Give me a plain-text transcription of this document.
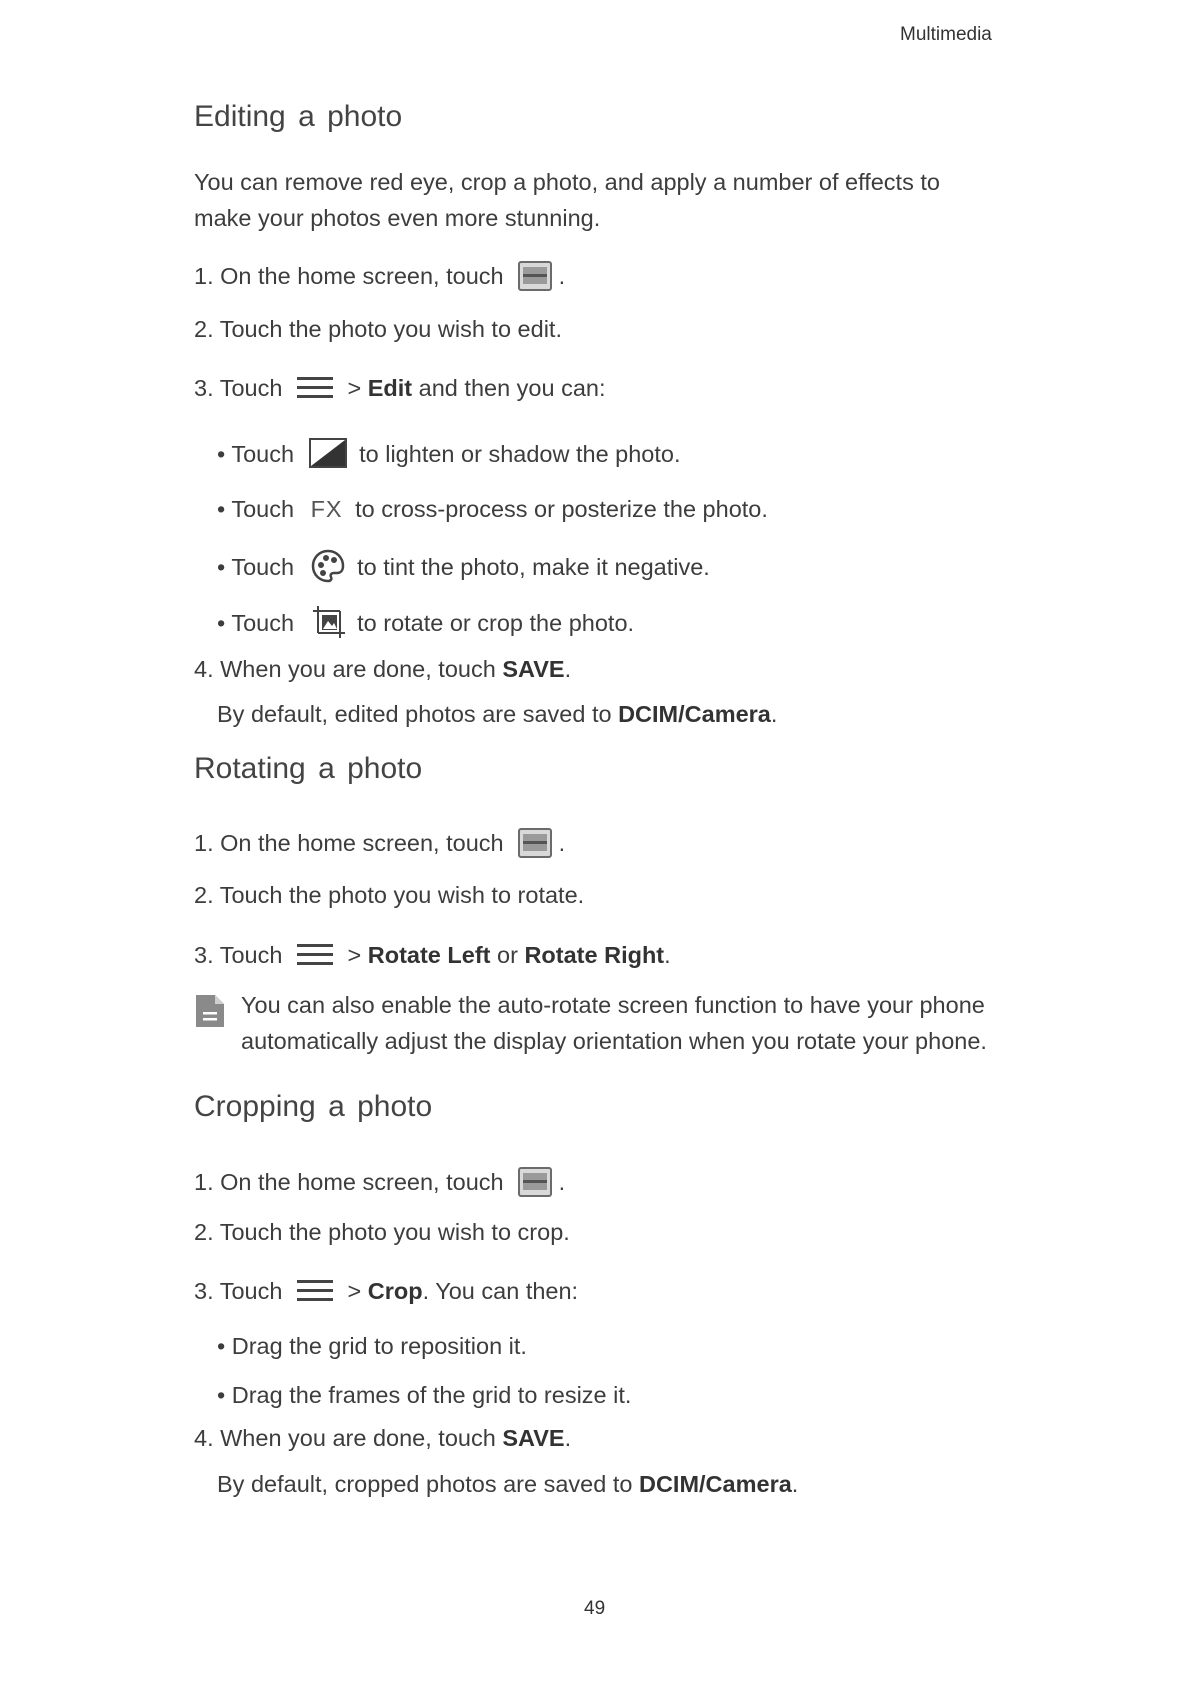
Multimedia
Editing a photo
You can remove red eye, crop a photo, and apply a number of effects to
make your photos even more stunning.
1. On the home screen, touch .
2. Touch the photo you wish to edit.
3. Touch	> Edit and then you can:
• Touch	to lighten or shadow the photo.
• Touch FX to cross-process or posterize the photo.
• Touch	to tint the photo, make it negative.
• Touch	to rotate or crop the photo.
4. When you are done, touch SAVE.
By default, edited photos are saved to DCIM/Camera.
Rotating a photo
1. On the home screen, touch .
2. Touch the photo you wish to rotate.
3. Touch	> Rotate Left or Rotate Right.
You can also enable the auto-rotate screen function to have your phone automatically adjust the display orientation when you rotate your phone.
Cropping a photo
1. On the home screen, touch .
2. Touch the photo you wish to crop.
3. Touch	> Crop. You can then:
• Drag the grid to reposition it.
• Drag the frames of the grid to resize it.
4. When you are done, touch SAVE.
By default, cropped photos are saved to DCIM/Camera.
49
